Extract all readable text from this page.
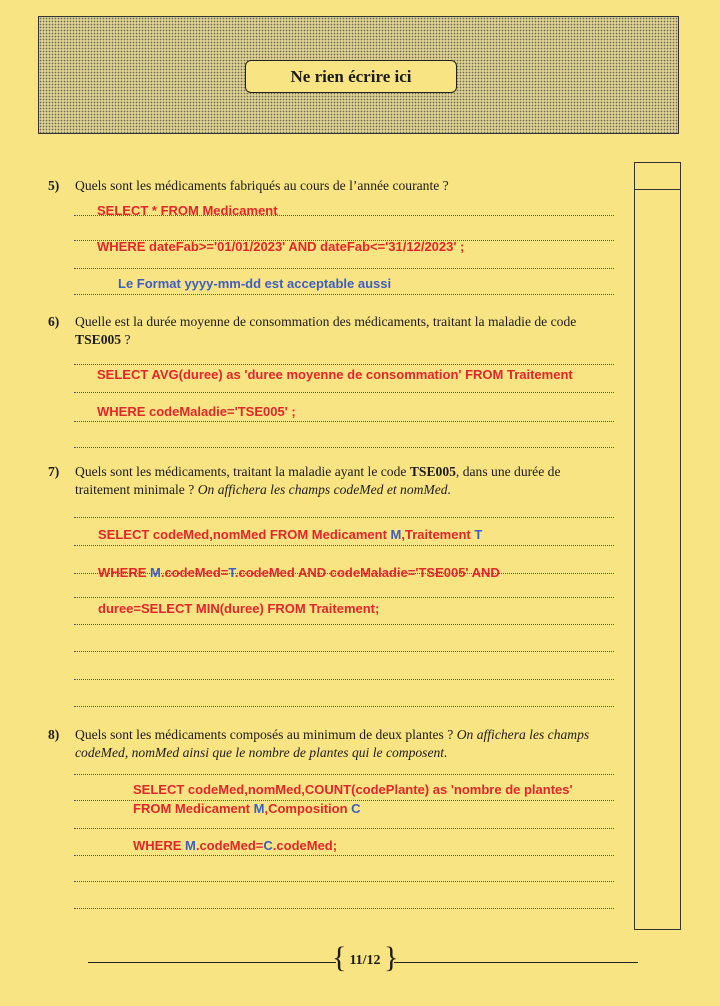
Ne rien écrire ici
5) Quels sont les médicaments fabriqués au cours de l’année courante ?
SELECT * FROM Medicament
WHERE dateFab>='01/01/2023' AND dateFab<='31/12/2023' ;
Le Format yyyy-mm-dd est acceptable aussi
6) Quelle est la durée moyenne de consommation des médicaments, traitant la maladie de code
TSE005 ?
SELECT AVG(duree) as 'duree moyenne de consommation' FROM Traitement
WHERE codeMaladie='TSE005' ;
7) Quels sont les médicaments, traitant la maladie ayant le code TSE005, dans une durée de
traitement minimale ? On affichera les champs codeMed et nomMed.
SELECT codeMed,nomMed FROM Medicament M,Traitement T
WHERE M.codeMed=T.codeMed AND codeMaladie='TSE005' AND
duree=SELECT MIN(duree) FROM Traitement;
8) Quels sont les médicaments composés au minimum de deux plantes ? On affichera les champs
codeMed, nomMed ainsi que le nombre de plantes qui le composent.
SELECT codeMed,nomMed,COUNT(codePlante) as 'nombre de plantes'
FROM Medicament M,Composition C
WHERE M.codeMed=C.codeMed;
{ }
11/12
